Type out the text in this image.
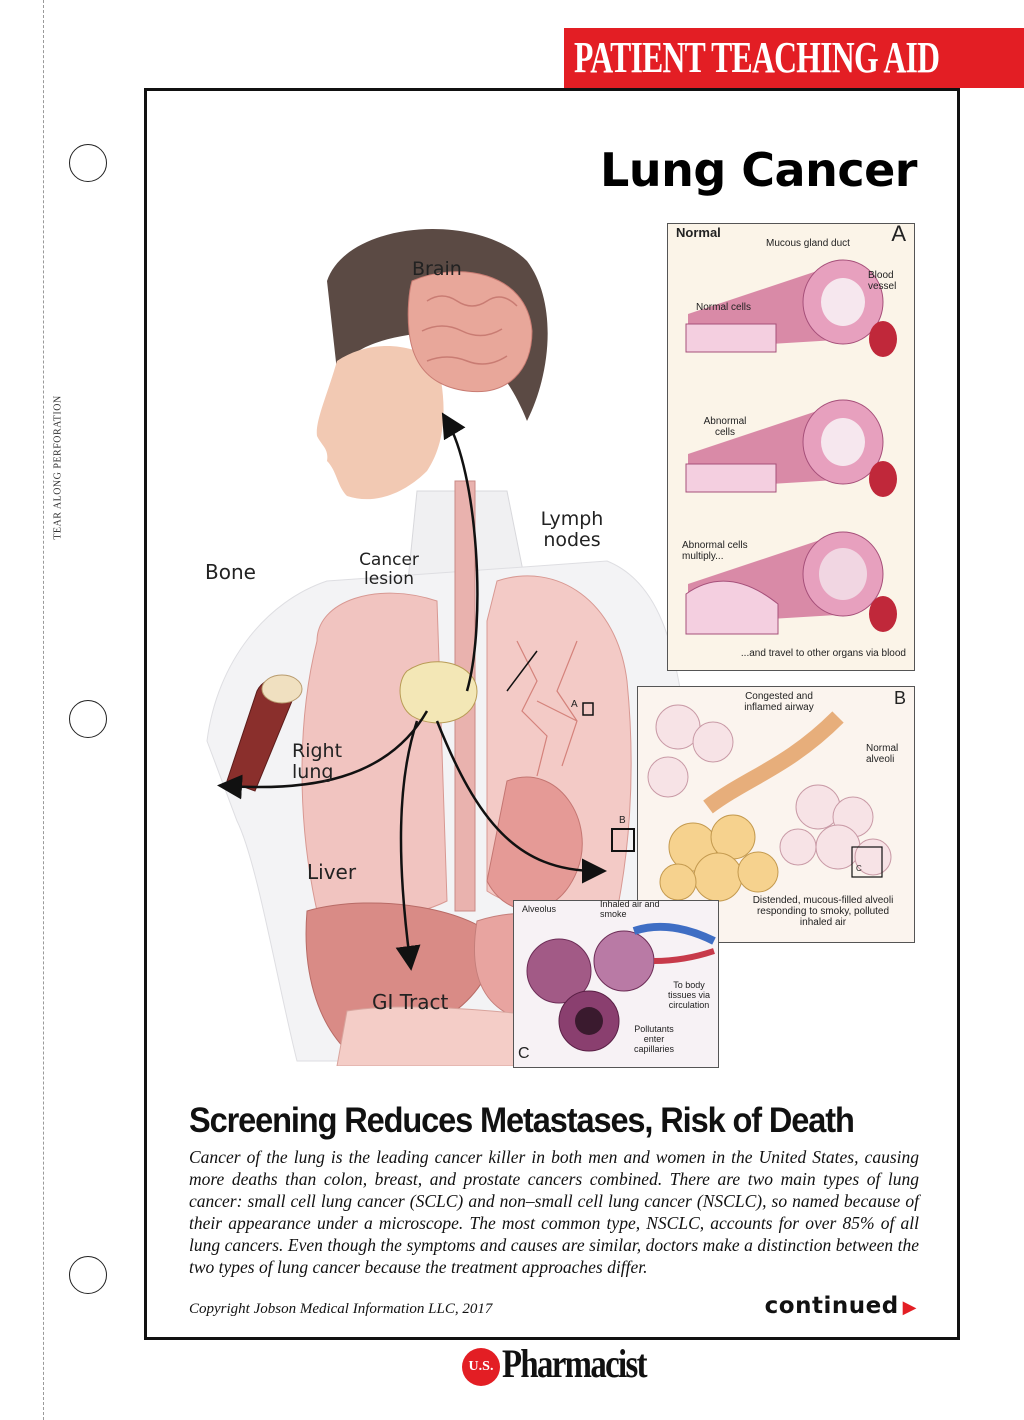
TEAR ALONG PERFORATION
PATIENT TEACHING AID
Lung Cancer
Brain
Lymph nodes
Bone	Cancer lesion
Right lung
Liver
GI Tract
A
B
Normal	A
Mucous gland duct
Blood vessel
Normal cells
Abnormal cells
Abnormal cells multiply...
...and travel to other organs via blood
B
Congested and inflamed airway
Normal alveoli
Distended, mucous-filled alveoli responding to smoky, polluted inhaled air
C
Alveolus	Inhaled air and smoke
To body tissues via circulation
Pollutants enter capillaries
C
Screening Reduces Metastases, Risk of Death
Cancer of the lung is the leading cancer killer in both men and women in the United States, causing more deaths than colon, breast, and prostate cancers combined. There are two main types of lung cancer: small cell lung cancer (SCLC) and non–small cell lung cancer (NSCLC), so named because of their appearance under a microscope. The most common type, NSCLC, accounts for over 85% of all lung cancers. Even though the symptoms and causes are similar, doctors make a distinction between the two types of lung cancer because the treatment approaches differ.
Copyright Jobson Medical Information LLC, 2017	continued ▶
U.S. Pharmacist
